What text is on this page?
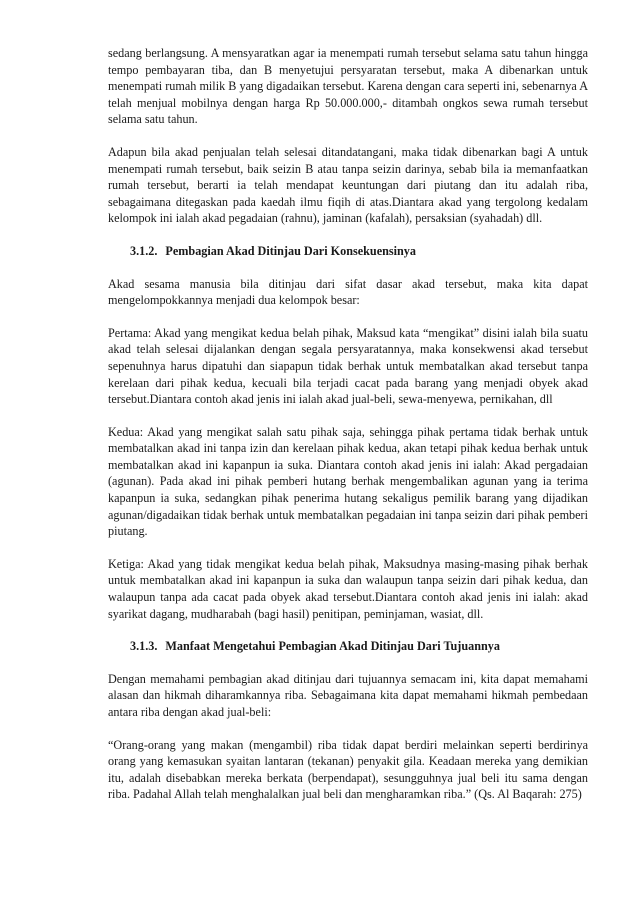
sedang berlangsung. A mensyaratkan agar ia menempati rumah tersebut selama satu tahun hingga tempo pembayaran tiba, dan B menyetujui persyaratan tersebut, maka A dibenarkan untuk menempati rumah milik B yang digadaikan tersebut. Karena dengan cara seperti ini, sebenarnya A telah menjual mobilnya dengan harga Rp 50.000.000,- ditambah ongkos sewa rumah tersebut selama satu tahun.

Adapun bila akad penjualan telah selesai ditandatangani, maka tidak dibenarkan bagi A untuk menempati rumah tersebut, baik seizin B atau tanpa seizin darinya, sebab bila ia memanfaatkan rumah tersebut, berarti ia telah mendapat keuntungan dari piutang dan itu adalah riba, sebagaimana ditegaskan pada kaedah ilmu fiqih di atas.Diantara akad yang tergolong kedalam kelompok ini ialah akad pegadaian (rahnu), jaminan (kafalah), persaksian (syahadah) dll.

3.1.2. Pembagian Akad Ditinjau Dari Konsekuensinya

Akad sesama manusia bila ditinjau dari sifat dasar akad tersebut, maka kita dapat mengelompokkannya menjadi dua kelompok besar:

Pertama: Akad yang mengikat kedua belah pihak, Maksud kata “mengikat” disini ialah bila suatu akad telah selesai dijalankan dengan segala persyaratannya, maka konsekwensi akad tersebut sepenuhnya harus dipatuhi dan siapapun tidak berhak untuk membatalkan akad tersebut tanpa kerelaan dari pihak kedua, kecuali bila terjadi cacat pada barang yang menjadi obyek akad tersebut.Diantara contoh akad jenis ini ialah akad jual-beli, sewa-menyewa, pernikahan, dll

Kedua: Akad yang mengikat salah satu pihak saja, sehingga pihak pertama tidak berhak untuk membatalkan akad ini tanpa izin dan kerelaan pihak kedua, akan tetapi pihak kedua berhak untuk membatalkan akad ini kapanpun ia suka. Diantara contoh akad jenis ini ialah: Akad pergadaian (agunan). Pada akad ini pihak pemberi hutang berhak mengembalikan agunan yang ia terima kapanpun ia suka, sedangkan pihak penerima hutang sekaligus pemilik barang yang dijadikan agunan/digadaikan tidak berhak untuk membatalkan pegadaian ini tanpa seizin dari pihak pemberi piutang.

Ketiga: Akad yang tidak mengikat kedua belah pihak, Maksudnya masing-masing pihak berhak untuk membatalkan akad ini kapanpun ia suka dan walaupun tanpa seizin dari pihak kedua, dan walaupun tanpa ada cacat pada obyek akad tersebut.Diantara contoh akad jenis ini ialah: akad syarikat dagang, mudharabah (bagi hasil) penitipan, peminjaman, wasiat, dll.

3.1.3. Manfaat Mengetahui Pembagian Akad Ditinjau Dari Tujuannya

Dengan memahami pembagian akad ditinjau dari tujuannya semacam ini, kita dapat memahami alasan dan hikmah diharamkannya riba. Sebagaimana kita dapat memahami hikmah pembedaan antara riba dengan akad jual-beli:

“Orang-orang yang makan (mengambil) riba tidak dapat berdiri melainkan seperti berdirinya orang yang kemasukan syaitan lantaran (tekanan) penyakit gila. Keadaan mereka yang demikian itu, adalah disebabkan mereka berkata (berpendapat), sesungguhnya jual beli itu sama dengan riba. Padahal Allah telah menghalalkan jual beli dan mengharamkan riba.” (Qs. Al Baqarah: 275)
